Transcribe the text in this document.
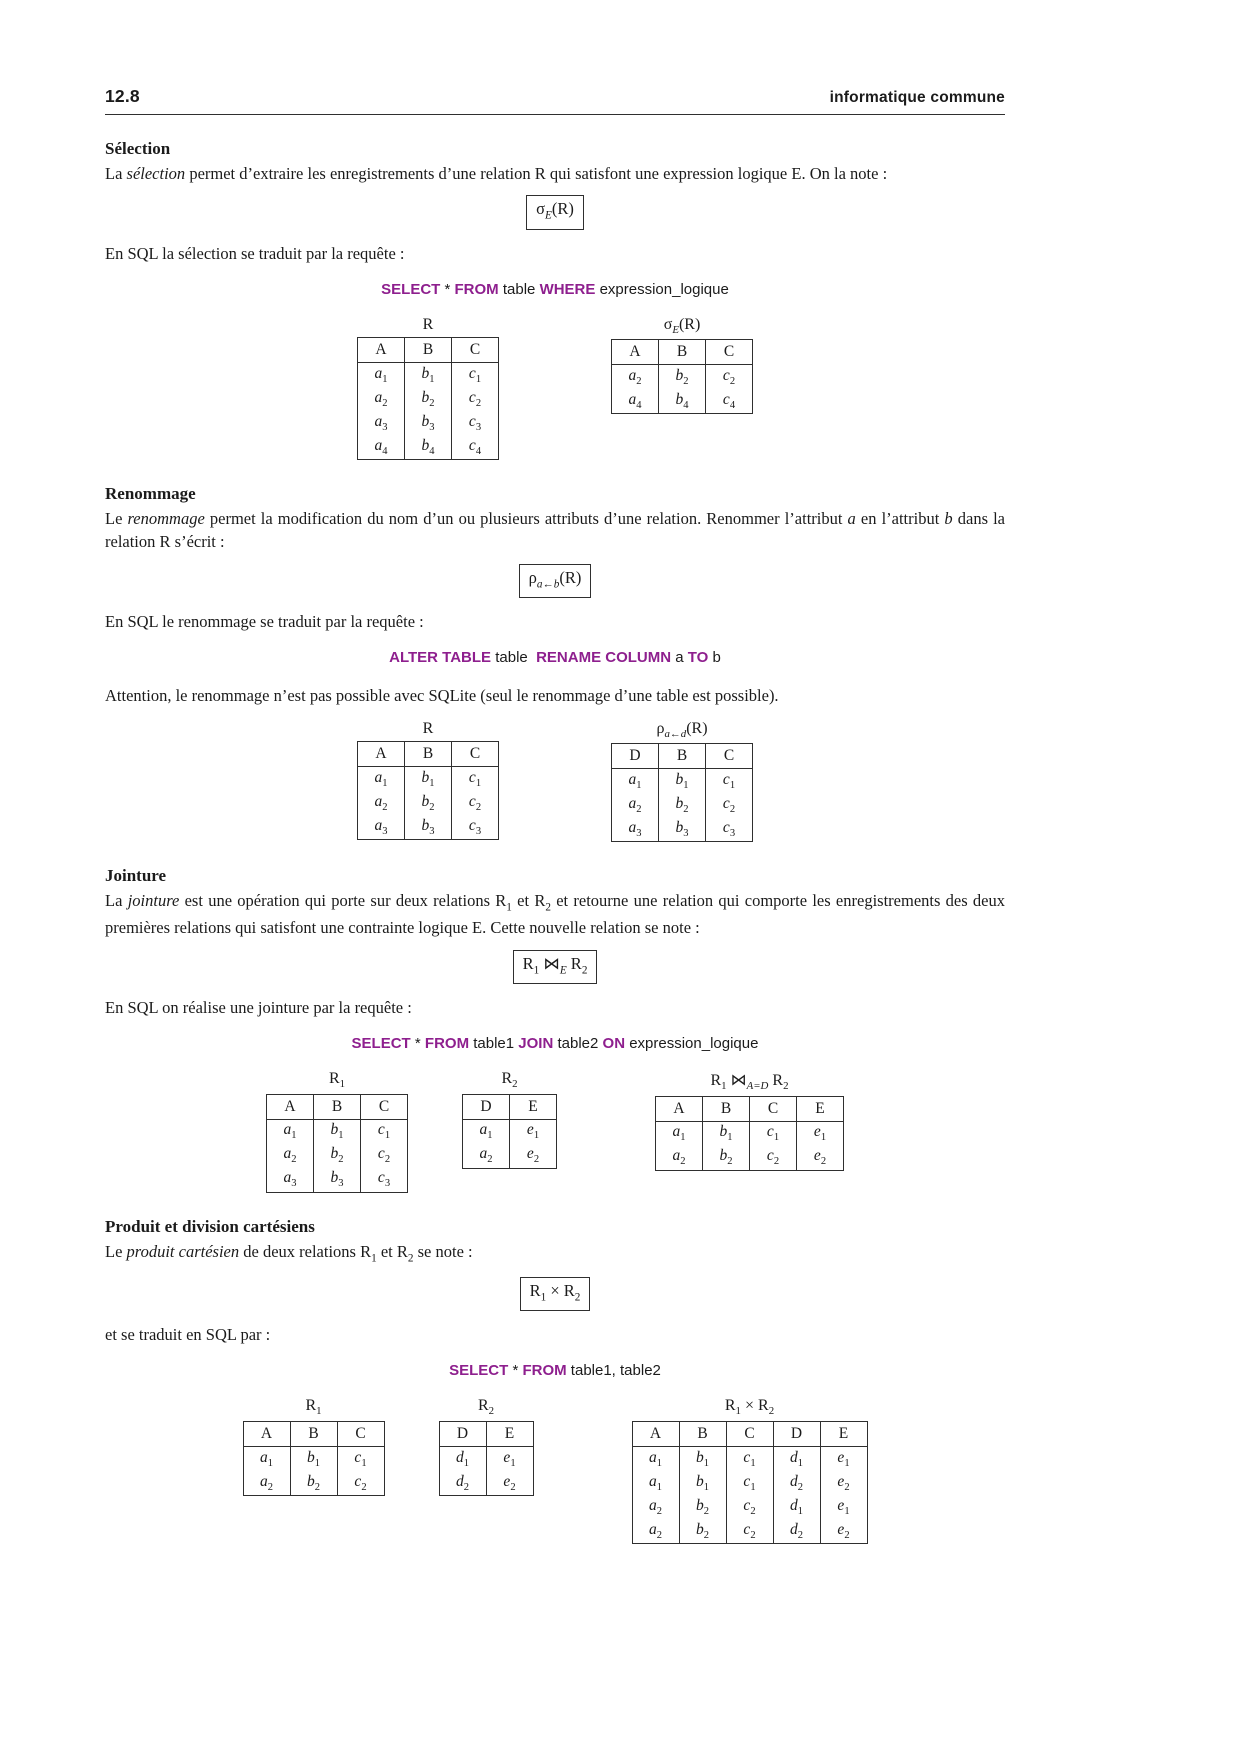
12.8	informatique commune
Sélection

La sélection permet d’extraire les enregistrements d’une relation R qui satisfont une expression logique E. On la note :

$\sigma_E(R)$

En SQL la sélection se traduit par la requête :

SELECT * FROM table WHERE expression_logique
R
A	B	C
$a_1$	$b_1$	$c_1$
$a_2$	$b_2$	$c_2$
$a_3$	$b_3$	$c_3$
$a_4$	$b_4$	$c_4$
$\sigma_E(R)$
A	B	C
$a_2$	$b_2$	$c_2$
$a_4$	$b_4$	$c_4$
Renommage

Le renommage permet la modification du nom d’un ou plusieurs attributs d’une relation. Renommer l’attribut a en l’attribut b dans la relation R s’écrit :

$\rho_{a\leftarrow b}(R)$

En SQL le renommage se traduit par la requête :

ALTER TABLE table RENAME COLUMN a TO b

Attention, le renommage n’est pas possible avec SQLite (seul le renommage d’une table est possible).

R
A	B	C
$a_1$	$b_1$	$c_1$
$a_2$	$b_2$	$c_2$
$a_3$	$b_3$	$c_3$
$\rho_{a\leftarrow d}(R)$
D	B	C
$a_1$	$b_1$	$c_1$
$a_2$	$b_2$	$c_2$
$a_3$	$b_3$	$c_3$
Jointure

La jointure est une opération qui porte sur deux relations $R_1$ et $R_2$ et retourne une relation qui comporte les enregistrements des deux premières relations qui satisfont une contrainte logique E. Cette nouvelle relation se note :

$R_1$ $⋈_E$ $R_2$

En SQL on réalise une jointure par la requête :

SELECT * FROM table1 JOIN table2 ON expression_logique
$R_1$
A	B	C
$a_1$	$b_1$	$c_1$
$a_2$	$b_2$	$c_2$
$a_3$	$b_3$	$c_3$
$R_2$
D	E
$a_1$	$e_1$
$a_2$	$e_2$
$R_1$ $⋈_{A=D}$ $R_2$
A	B	C	E
$a_1$	$b_1$	$c_1$	$e_1$
$a_2$	$b_2$	$c_2$	$e_2$
Produit et division cartésiens

Le produit cartésien de deux relations $R_1$ et $R_2$ se note :

$R_1 \times R_2$

et se traduit en SQL par :

SELECT * FROM table1, table2
$R_1$
A	B	C
$a_1$	$b_1$	$c_1$
$a_2$	$b_2$	$c_2$
$R_2$
D	E
$d_1$	$e_1$
$d_2$	$e_2$
$R_1 \times R_2$
A	B	C	D	E
$a_1$	$b_1$	$c_1$	$d_1$	$e_1$
$a_1$	$b_1$	$c_1$	$d_2$	$e_2$
$a_2$	$b_2$	$c_2$	$d_1$	$e_1$
$a_2$	$b_2$	$c_2$	$d_2$	$e_2$
